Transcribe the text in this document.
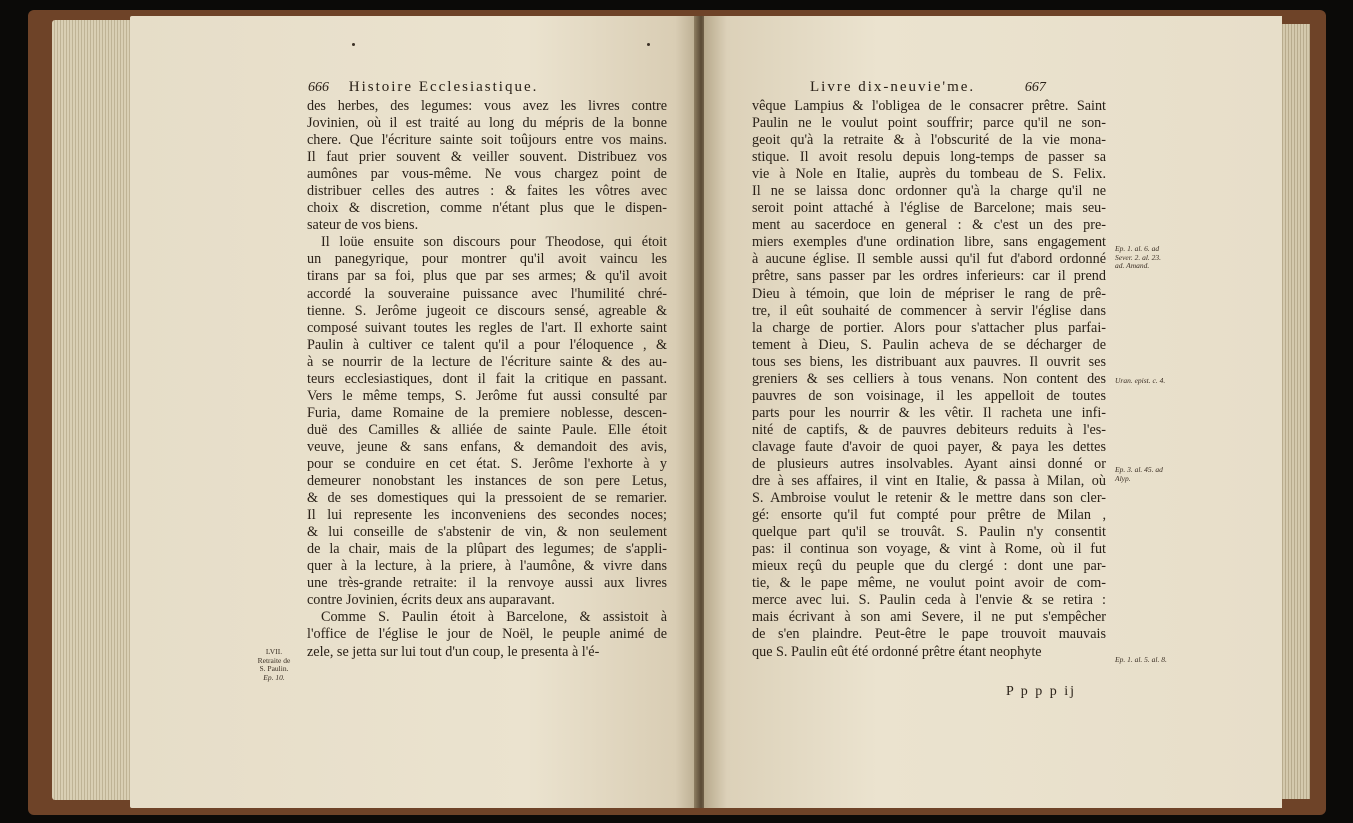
666 Histoire Ecclesiastique.
des herbes, des legumes: vous avez les livres contre
Jovinien, où il est traité au long du mépris de la bonne
chere. Que l'écriture sainte soit toûjours entre vos mains.
Il faut prier souvent & veiller souvent. Distribuez vos
aumônes par vous-même. Ne vous chargez point de
distribuer celles des autres : & faites les vôtres avec
choix & discretion, comme n'étant plus que le dispen-
sateur de vos biens.
Il loüe ensuite son discours pour Theodose, qui étoit
un panegyrique, pour montrer qu'il avoit vaincu les
tirans par sa foi, plus que par ses armes; & qu'il avoit
accordé la souveraine puissance avec l'humilité chré-
tienne. S. Jerôme jugeoit ce discours sensé, agreable &
composé suivant toutes les regles de l'art. Il exhorte saint
Paulin à cultiver ce talent qu'il a pour l'éloquence , &
à se nourrir de la lecture de l'écriture sainte & des au-
teurs ecclesiastiques, dont il fait la critique en passant.
Vers le même temps, S. Jerôme fut aussi consulté par
Furia, dame Romaine de la premiere noblesse, descen-
duë des Camilles & alliée de sainte Paule. Elle étoit
veuve, jeune & sans enfans, & demandoit des avis,
pour se conduire en cet état. S. Jerôme l'exhorte à y
demeurer nonobstant les instances de son pere Letus,
& de ses domestiques qui la pressoient de se remarier.
Il lui represente les inconveniens des secondes noces;
& lui conseille de s'abstenir de vin, & non seulement
de la chair, mais de la plûpart des legumes; de s'appli-
quer à la lecture, à la priere, à l'aumône, & vivre dans
une très-grande retraite: il la renvoye aussi aux livres
contre Jovinien, écrits deux ans auparavant.
Comme S. Paulin étoit à Barcelone, & assistoit à
l'office de l'église le jour de Noël, le peuple animé de
zele, se jetta sur lui tout d'un coup, le presenta à l'é-
LVII.
Retraite de
S. Paulin.
Ep. 10.
Livre dix-neuvie'me.	667
vêque Lampius & l'obligea de le consacrer prêtre. Saint
Paulin ne le voulut point souffrir; parce qu'il ne son-
geoit qu'à la retraite & à l'obscurité de la vie mona-
stique. Il avoit resolu depuis long-temps de passer sa
vie à Nole en Italie, auprès du tombeau de S. Felix.
Il ne se laissa donc ordonner qu'à la charge qu'il ne
seroit point attaché à l'église de Barcelone; mais seu-
ment au sacerdoce en general : & c'est un des pre-
miers exemples d'une ordination libre, sans engagement
à aucune église. Il semble aussi qu'il fut d'abord ordonné
prêtre, sans passer par les ordres inferieurs: car il prend
Dieu à témoin, que loin de mépriser le rang de prê-
tre, il eût souhaité de commencer à servir l'église dans
la charge de portier. Alors pour s'attacher plus parfai-
tement à Dieu, S. Paulin acheva de se décharger de
tous ses biens, les distribuant aux pauvres. Il ouvrit ses
greniers & ses celliers à tous venans. Non content des
pauvres de son voisinage, il les appelloit de toutes
parts pour les nourrir & les vêtir. Il racheta une infi-
nité de captifs, & de pauvres debiteurs reduits à l'es-
clavage faute d'avoir de quoi payer, & paya les dettes
de plusieurs autres insolvables. Ayant ainsi donné or
dre à ses affaires, il vint en Italie, & passa à Milan, où
S. Ambroise voulut le retenir & le mettre dans son cler-
gé: ensorte qu'il fut compté pour prêtre de Milan ,
quelque part qu'il se trouvât. S. Paulin n'y consentit
pas: il continua son voyage, & vint à Rome, où il fut
mieux reçû du peuple que du clergé : dont une par-
tie, & le pape même, ne voulut point avoir de com-
merce avec lui. S. Paulin ceda à l'envie & se retira :
mais écrivant à son ami Severe, il ne put s'empêcher
de s'en plaindre. Peut-être le pape trouvoit mauvais
que S. Paulin eût été ordonné prêtre étant neophyte
Ep. 1. al. 6. ad Sever. 2. al. 23. ad. Amand.
Uran. epist. c. 4.
Ep. 3. al. 45. ad Alyp.
Ep. 1. al. 5. al. 8.
P p p p ij
